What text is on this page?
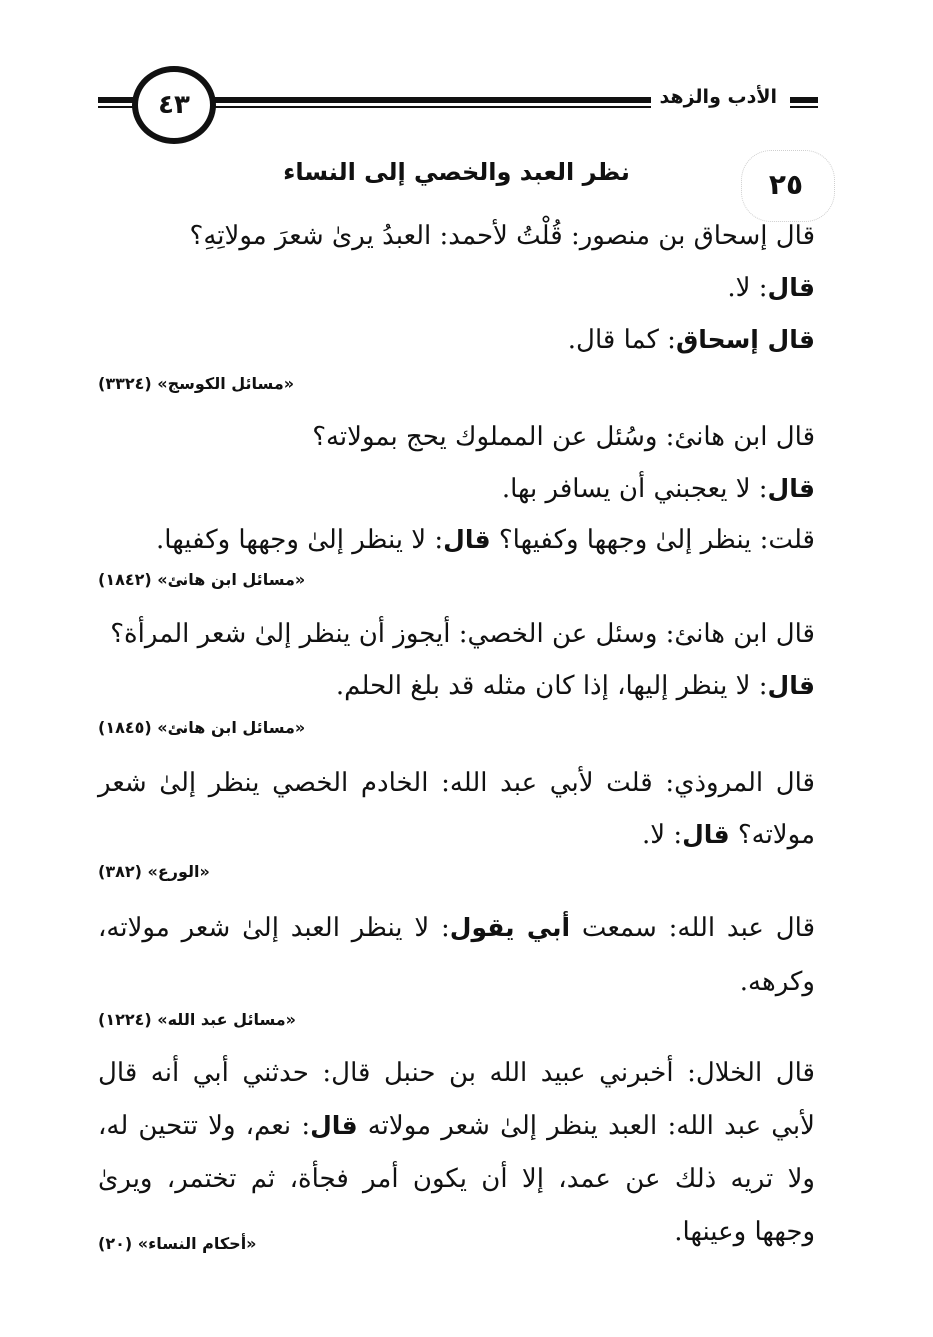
الأدب والزهد
٤٣
٢٥
نظر العبد والخصي إلى النساء
قال إسحاق بن منصور: قُلْتُ لأحمد: العبدُ يرىٰ شعرَ مولاتِهِ؟
قال: لا.
قال إسحاق: كما قال.
«مسائل الكوسج» (٣٣٢٤)
قال ابن هانئ: وسُئل عن المملوك يحج بمولاته؟
قال: لا يعجبني أن يسافر بها.
قلت: ينظر إلىٰ وجهها وكفيها؟ قال: لا ينظر إلىٰ وجهها وكفيها.
«مسائل ابن هانئ» (١٨٤٢)
قال ابن هانئ: وسئل عن الخصي: أيجوز أن ينظر إلىٰ شعر المرأة؟
قال: لا ينظر إليها، إذا كان مثله قد بلغ الحلم.
«مسائل ابن هانئ» (١٨٤٥)
قال المروذي: قلت لأبي عبد الله: الخادم الخصي ينظر إلىٰ شعر
مولاته؟ قال: لا.
«الورع» (٣٨٢)
قال عبد الله: سمعت أبي يقول: لا ينظر العبد إلىٰ شعر مولاته،
وكرهه.
«مسائل عبد الله» (١٢٢٤)
قال الخلال: أخبرني عبيد الله بن حنبل قال: حدثني أبي أنه قال
لأبي عبد الله: العبد ينظر إلىٰ شعر مولاته قال: نعم، ولا تتحين له،
ولا تريه ذلك عن عمد، إلا أن يكون أمر فجأة، ثم تختمر، ويرىٰ
وجهها وعينها.
«أحكام النساء» (٢٠)
